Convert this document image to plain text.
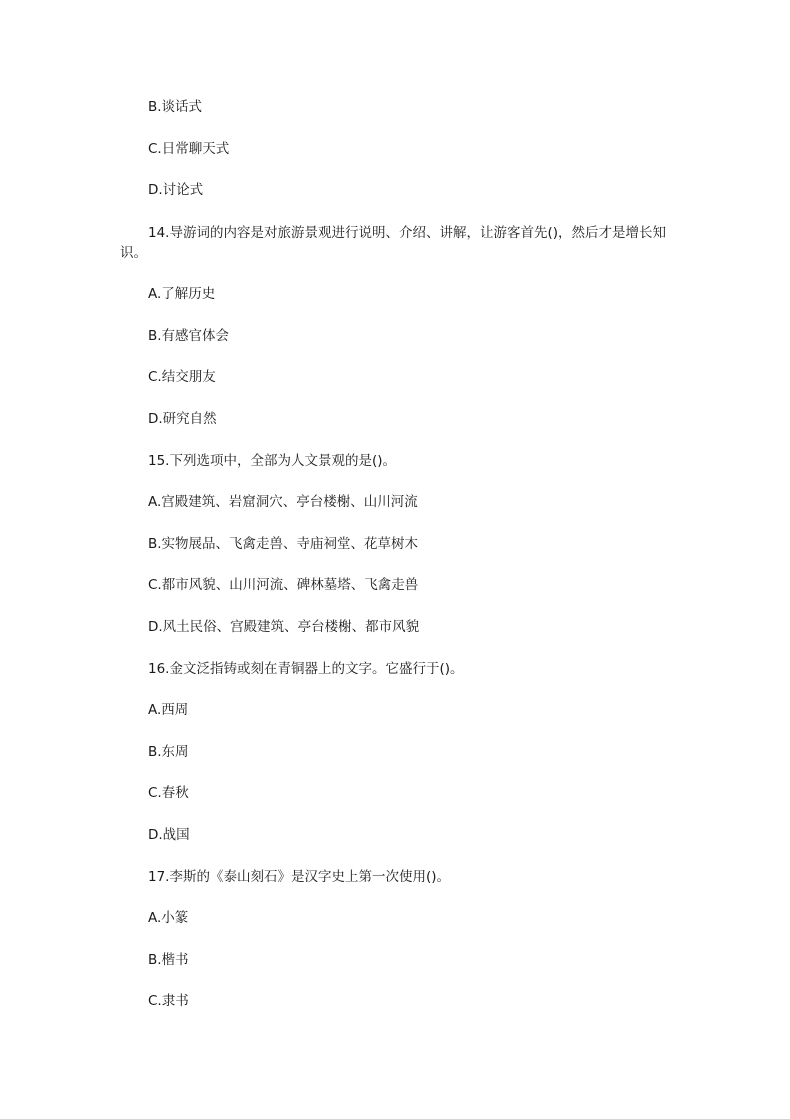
B.谈话式
C.日常聊天式
D.讨论式
14.导游词的内容是对旅游景观进行说明、介绍、讲解，让游客首先()，然后才是增长知识。
A.了解历史
B.有感官体会
C.结交朋友
D.研究自然
15.下列选项中，全部为人文景观的是()。
A.宫殿建筑、岩窟洞穴、亭台楼榭、山川河流
B.实物展品、飞禽走兽、寺庙祠堂、花草树木
C.都市风貌、山川河流、碑林墓塔、飞禽走兽
D.风土民俗、宫殿建筑、亭台楼榭、都市风貌
16.金文泛指铸或刻在青铜器上的文字。它盛行于()。
A.西周
B.东周
C.春秋
D.战国
17.李斯的《泰山刻石》是汉字史上第一次使用()。
A.小篆
B.楷书
C.隶书
